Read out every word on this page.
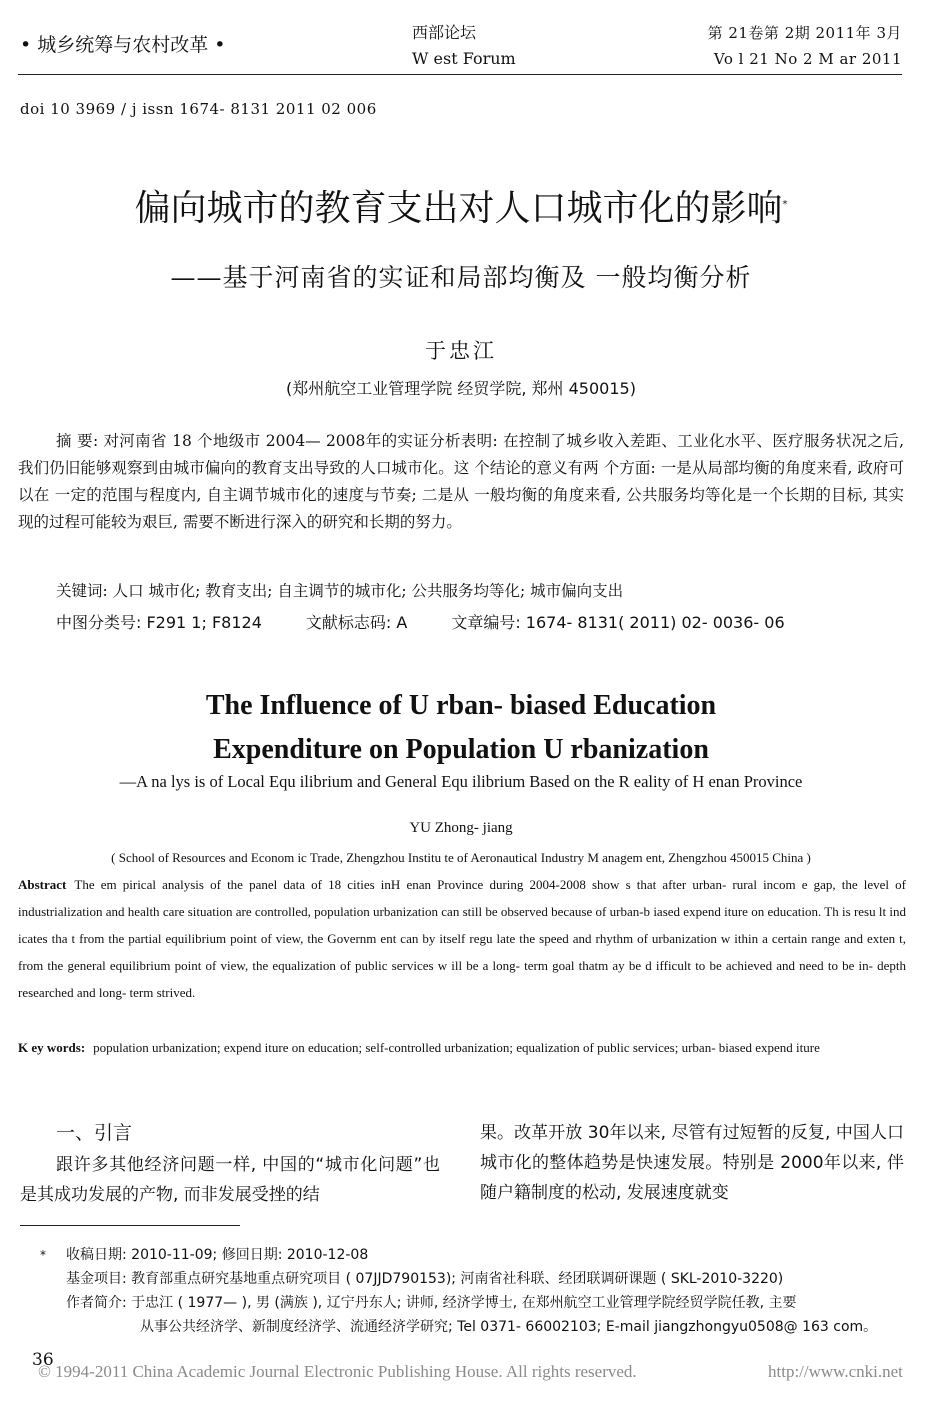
• 城乡统筹与农村改革 •
西部论坛
W est Forum
第 21卷第 2期 2011年 3月
Vo l 21 No 2 M ar 2011
doi 10 3969 / j issn 1674- 8131 2011 02 006
偏向城市的教育支出对人口城市化的影响*
——基于河南省的实证和局部均衡及 一般均衡分析
于忠江
(郑州航空工业管理学院 经贸学院, 郑州 450015)
摘 要: 对河南省 18 个地级市 2004— 2008年的实证分析表明: 在控制了城乡收入差距、工业化水平、医疗服务状况之后, 我们仍旧能够观察到由城市偏向的教育支出导致的人口城市化。这 个结论的意义有两 个方面: 一是从局部均衡的角度来看, 政府可以在 一定的范围与程度内, 自主调节城市化的速度与节奏; 二是从 一般均衡的角度来看, 公共服务均等化是一个长期的目标, 其实现的过程可能较为艰巨, 需要不断进行深入的研究和长期的努力。
关键词: 人口 城市化; 教育支出; 自主调节的城市化; 公共服务均等化; 城市偏向支出
中图分类号: F291 1; F8124	文献标志码: A	文章编号: 1674- 8131( 2011) 02- 0036- 06
The Influence of U rban- biased Education
Expenditure on Population U rbanization
—A na lys is of Local Equ ilibrium and General Equ ilibrium Based on the R eality of H enan Province
YU Zhong- jiang
( School of Resources and Econom ic Trade, Zhengzhou Institu te of Aeronautical Industry M anagem ent, Zhengzhou 450015 China )
Abstract The em pirical analysis of the panel data of 18 cities inH enan Province during 2004-2008 show s that after urban- rural incom e gap, the level of industrialization and health care situation are controlled, population urbanization can still be observed because of urban-b iased expend iture on education. Th is resu lt ind icates tha t from the partial equilibrium point of view, the Governm ent can by itself regu late the speed and rhythm of urbanization w ithin a certain range and exten t, from the general equilibrium point of view, the equalization of public services w ill be a long- term goal thatm ay be d ifficult to be achieved and need to be in- depth researched and long- term strived.
K ey words: population urbanization; expend iture on education; self-controlled urbanization; equalization of public services; urban- biased expend iture
一、引言
跟许多其他经济问题一样, 中国的“城市化问题”也是其成功发展的产物, 而非发展受挫的结
果。改革开放 30年以来, 尽管有过短暂的反复, 中国人口城市化的整体趋势是快速发展。特别是 2000年以来, 伴随户籍制度的松动, 发展速度就变
* 收稿日期: 2010-11-09; 修回日期: 2010-12-08
基金项目: 教育部重点研究基地重点研究项目 ( 07JJD790153); 河南省社科联、经团联调研课题 ( SKL-2010-3220)
作者简介: 于忠江 ( 1977— ), 男 (满族 ), 辽宁丹东人; 讲师, 经济学博士, 在郑州航空工业管理学院经贸学院任教, 主要
从事公共经济学、新制度经济学、流通经济学研究; Tel 0371- 66002103; E-mail jiangzhongyu0508@ 163 com。
36
© 1994-2011 China Academic Journal Electronic Publishing House. All rights reserved.	http://www.cnki.net
